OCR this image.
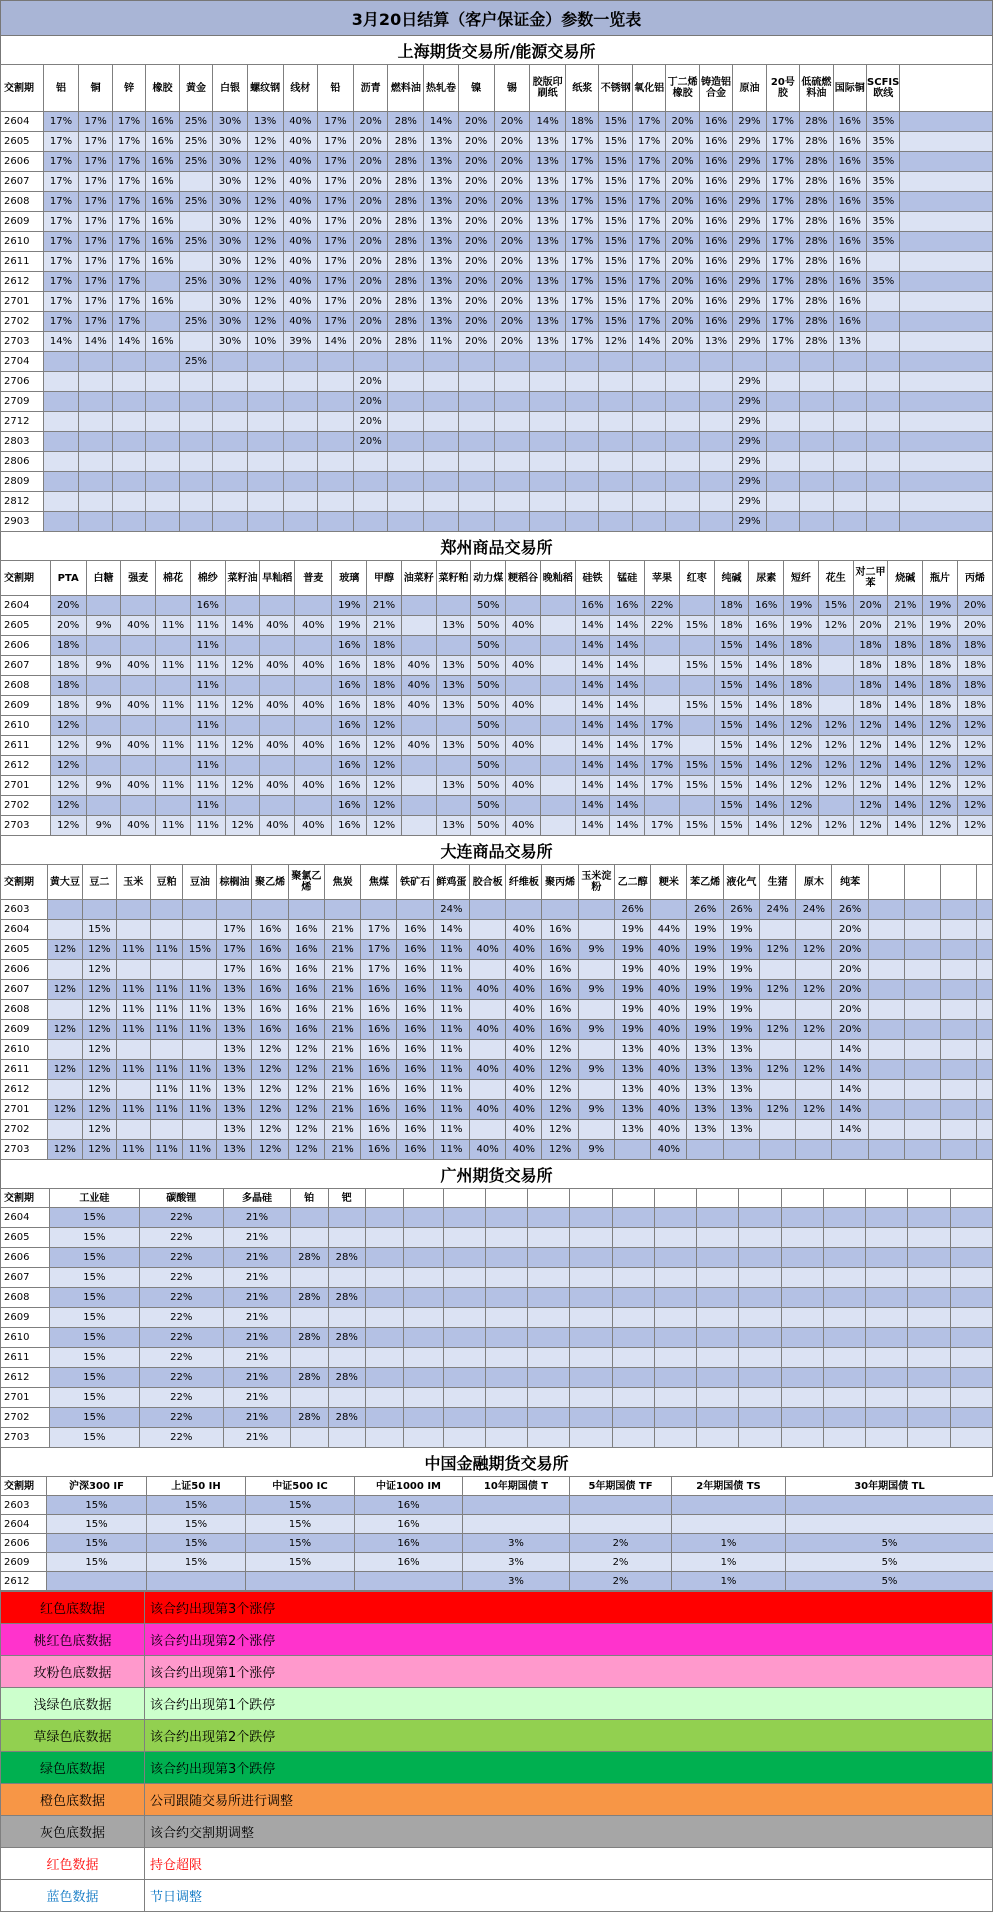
3月20日结算（客户保证金）参数一览表
上海期货交易所/能源交易所
交割期	铝	铜	锌	橡胶	黄金	白银	螺纹钢	线材	铅	沥青	燃料油	热轧卷	镍	锡	胶版印刷纸	纸浆	不锈钢	氧化铝	丁二烯橡胶	铸造铝合金	原油	20号胶	低硫燃料油	国际铜	SCFIS欧线	
2604	17%	17%	17%	16%	25%	30%	13%	40%	17%	20%	28%	14%	20%	20%	14%	18%	15%	17%	20%	16%	29%	17%	28%	16%	35%	
2605	17%	17%	17%	16%	25%	30%	12%	40%	17%	20%	28%	13%	20%	20%	13%	17%	15%	17%	20%	16%	29%	17%	28%	16%	35%	
2606	17%	17%	17%	16%	25%	30%	12%	40%	17%	20%	28%	13%	20%	20%	13%	17%	15%	17%	20%	16%	29%	17%	28%	16%	35%	
2607	17%	17%	17%	16%		30%	12%	40%	17%	20%	28%	13%	20%	20%	13%	17%	15%	17%	20%	16%	29%	17%	28%	16%	35%	
2608	17%	17%	17%	16%	25%	30%	12%	40%	17%	20%	28%	13%	20%	20%	13%	17%	15%	17%	20%	16%	29%	17%	28%	16%	35%	
2609	17%	17%	17%	16%		30%	12%	40%	17%	20%	28%	13%	20%	20%	13%	17%	15%	17%	20%	16%	29%	17%	28%	16%	35%	
2610	17%	17%	17%	16%	25%	30%	12%	40%	17%	20%	28%	13%	20%	20%	13%	17%	15%	17%	20%	16%	29%	17%	28%	16%	35%	
2611	17%	17%	17%	16%		30%	12%	40%	17%	20%	28%	13%	20%	20%	13%	17%	15%	17%	20%	16%	29%	17%	28%	16%		
2612	17%	17%	17%		25%	30%	12%	40%	17%	20%	28%	13%	20%	20%	13%	17%	15%	17%	20%	16%	29%	17%	28%	16%	35%	
2701	17%	17%	17%	16%		30%	12%	40%	17%	20%	28%	13%	20%	20%	13%	17%	15%	17%	20%	16%	29%	17%	28%	16%		
2702	17%	17%	17%		25%	30%	12%	40%	17%	20%	28%	13%	20%	20%	13%	17%	15%	17%	20%	16%	29%	17%	28%	16%		
2703	14%	14%	14%	16%		30%	10%	39%	14%	20%	28%	11%	20%	20%	13%	17%	12%	14%	20%	13%	29%	17%	28%	13%		
2704					25%																					
2706										20%											29%					
2709										20%											29%					
2712										20%											29%					
2803										20%											29%					
2806																					29%					
2809																					29%					
2812																					29%					
2903																					29%					
郑州商品交易所
交割期	PTA	白糖	强麦	棉花	棉纱	菜籽油	早籼稻	普麦	玻璃	甲醇	油菜籽	菜籽粕	动力煤	粳稻谷	晚籼稻	硅铁	锰硅	苹果	红枣	纯碱	尿素	短纤	花生	对二甲苯	烧碱	瓶片	丙烯
2604	20%				16%				19%	21%			50%			16%	16%	22%		18%	16%	19%	15%	20%	21%	19%	20%
2605	20%	9%	40%	11%	11%	14%	40%	40%	19%	21%		13%	50%	40%		14%	14%	22%	15%	18%	16%	19%	12%	20%	21%	19%	20%
2606	18%				11%				16%	18%			50%			14%	14%			15%	14%	18%		18%	18%	18%	18%
2607	18%	9%	40%	11%	11%	12%	40%	40%	16%	18%	40%	13%	50%	40%		14%	14%		15%	15%	14%	18%		18%	18%	18%	18%
2608	18%				11%				16%	18%	40%	13%	50%			14%	14%			15%	14%	18%		18%	14%	18%	18%
2609	18%	9%	40%	11%	11%	12%	40%	40%	16%	18%	40%	13%	50%	40%		14%	14%		15%	15%	14%	18%		18%	14%	18%	18%
2610	12%				11%				16%	12%			50%			14%	14%	17%		15%	14%	12%	12%	12%	14%	12%	12%
2611	12%	9%	40%	11%	11%	12%	40%	40%	16%	12%	40%	13%	50%	40%		14%	14%	17%		15%	14%	12%	12%	12%	14%	12%	12%
2612	12%				11%				16%	12%			50%			14%	14%	17%	15%	15%	14%	12%	12%	12%	14%	12%	12%
2701	12%	9%	40%	11%	11%	12%	40%	40%	16%	12%		13%	50%	40%		14%	14%	17%	15%	15%	14%	12%	12%	12%	14%	12%	12%
2702	12%				11%				16%	12%			50%			14%	14%			15%	14%	12%		12%	14%	12%	12%
2703	12%	9%	40%	11%	11%	12%	40%	40%	16%	12%		13%	50%	40%		14%	14%	17%	15%	15%	14%	12%	12%	12%	14%	12%	12%
大连商品交易所
交割期	黄大豆	豆二	玉米	豆粕	豆油	棕榈油	聚乙烯	聚氯乙烯	焦炭	焦煤	铁矿石	鲜鸡蛋	胶合板	纤维板	聚丙烯	玉米淀粉	乙二醇	粳米	苯乙烯	液化气	生猪	原木	纯苯				
2603												24%					26%		26%	26%	24%	24%	26%				
2604		15%				17%	16%	16%	21%	17%	16%	14%		40%	16%		19%	44%	19%	19%			20%				
2605	12%	12%	11%	11%	15%	17%	16%	16%	21%	17%	16%	11%	40%	40%	16%	9%	19%	40%	19%	19%	12%	12%	20%				
2606		12%				17%	16%	16%	21%	17%	16%	11%		40%	16%		19%	40%	19%	19%			20%				
2607	12%	12%	11%	11%	11%	13%	16%	16%	21%	16%	16%	11%	40%	40%	16%	9%	19%	40%	19%	19%	12%	12%	20%				
2608		12%	11%	11%	11%	13%	16%	16%	21%	16%	16%	11%		40%	16%		19%	40%	19%	19%			20%				
2609	12%	12%	11%	11%	11%	13%	16%	16%	21%	16%	16%	11%	40%	40%	16%	9%	19%	40%	19%	19%	12%	12%	20%				
2610		12%				13%	12%	12%	21%	16%	16%	11%		40%	12%		13%	40%	13%	13%			14%				
2611	12%	12%	11%	11%	11%	13%	12%	12%	21%	16%	16%	11%	40%	40%	12%	9%	13%	40%	13%	13%	12%	12%	14%				
2612		12%		11%	11%	13%	12%	12%	21%	16%	16%	11%		40%	12%		13%	40%	13%	13%			14%				
2701	12%	12%	11%	11%	11%	13%	12%	12%	21%	16%	16%	11%	40%	40%	12%	9%	13%	40%	13%	13%	12%	12%	14%				
2702		12%				13%	12%	12%	21%	16%	16%	11%		40%	12%		13%	40%	13%	13%			14%				
2703	12%	12%	11%	11%	11%	13%	12%	12%	21%	16%	16%	11%	40%	40%	12%	9%		40%									
广州期货交易所
交割期	工业硅	碳酸锂	多晶硅	铂	钯															
2604	15%	22%	21%																	
2605	15%	22%	21%																	
2606	15%	22%	21%	28%	28%															
2607	15%	22%	21%																	
2608	15%	22%	21%	28%	28%															
2609	15%	22%	21%																	
2610	15%	22%	21%	28%	28%															
2611	15%	22%	21%																	
2612	15%	22%	21%	28%	28%															
2701	15%	22%	21%																	
2702	15%	22%	21%	28%	28%															
2703	15%	22%	21%																	
中国金融期货交易所
交割期	沪深300 IF	上证50 IH	中证500 IC	中证1000 IM	10年期国债 T	5年期国债 TF	2年期国债 TS	30年期国债 TL
2603	15%	15%	15%	16%				
2604	15%	15%	15%	16%				
2606	15%	15%	15%	16%	3%	2%	1%	5%
2609	15%	15%	15%	16%	3%	2%	1%	5%
2612					3%	2%	1%	5%
红色底数据	该合约出现第3个涨停
桃红色底数据	该合约出现第2个涨停
玫粉色底数据	该合约出现第1个涨停
浅绿色底数据	该合约出现第1个跌停
草绿色底数据	该合约出现第2个跌停
绿色底数据	该合约出现第3个跌停
橙色底数据	公司跟随交易所进行调整
灰色底数据	该合约交割期调整
红色数据	持仓超限
蓝色数据	节日调整
